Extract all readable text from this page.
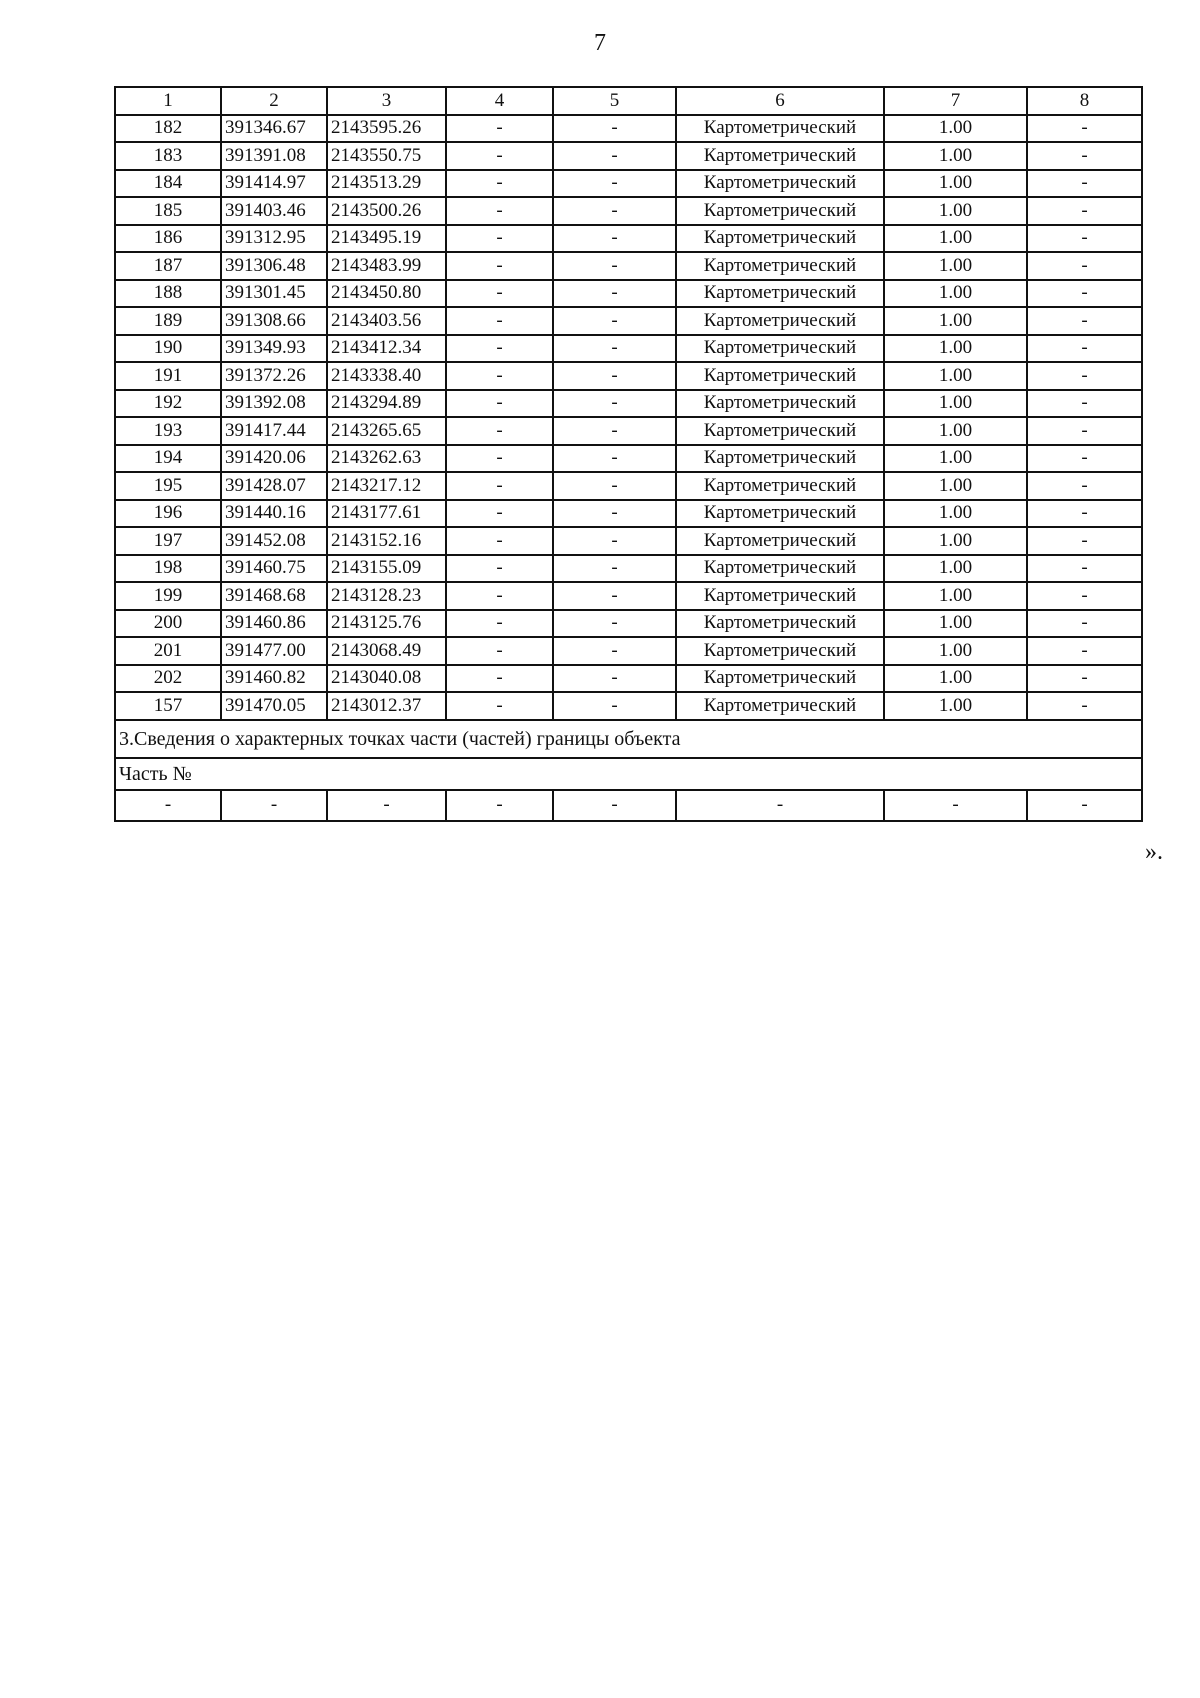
7
1	2	3	4	5	6	7	8
182	391346.67	2143595.26	-	-	Картометрический	1.00	-
183	391391.08	2143550.75	-	-	Картометрический	1.00	-
184	391414.97	2143513.29	-	-	Картометрический	1.00	-
185	391403.46	2143500.26	-	-	Картометрический	1.00	-
186	391312.95	2143495.19	-	-	Картометрический	1.00	-
187	391306.48	2143483.99	-	-	Картометрический	1.00	-
188	391301.45	2143450.80	-	-	Картометрический	1.00	-
189	391308.66	2143403.56	-	-	Картометрический	1.00	-
190	391349.93	2143412.34	-	-	Картометрический	1.00	-
191	391372.26	2143338.40	-	-	Картометрический	1.00	-
192	391392.08	2143294.89	-	-	Картометрический	1.00	-
193	391417.44	2143265.65	-	-	Картометрический	1.00	-
194	391420.06	2143262.63	-	-	Картометрический	1.00	-
195	391428.07	2143217.12	-	-	Картометрический	1.00	-
196	391440.16	2143177.61	-	-	Картометрический	1.00	-
197	391452.08	2143152.16	-	-	Картометрический	1.00	-
198	391460.75	2143155.09	-	-	Картометрический	1.00	-
199	391468.68	2143128.23	-	-	Картометрический	1.00	-
200	391460.86	2143125.76	-	-	Картометрический	1.00	-
201	391477.00	2143068.49	-	-	Картометрический	1.00	-
202	391460.82	2143040.08	-	-	Картометрический	1.00	-
157	391470.05	2143012.37	-	-	Картометрический	1.00	-
3.Сведения о характерных точках части (частей) границы объекта							
Часть №							
-	-	-	-	-	-	-	-
».
